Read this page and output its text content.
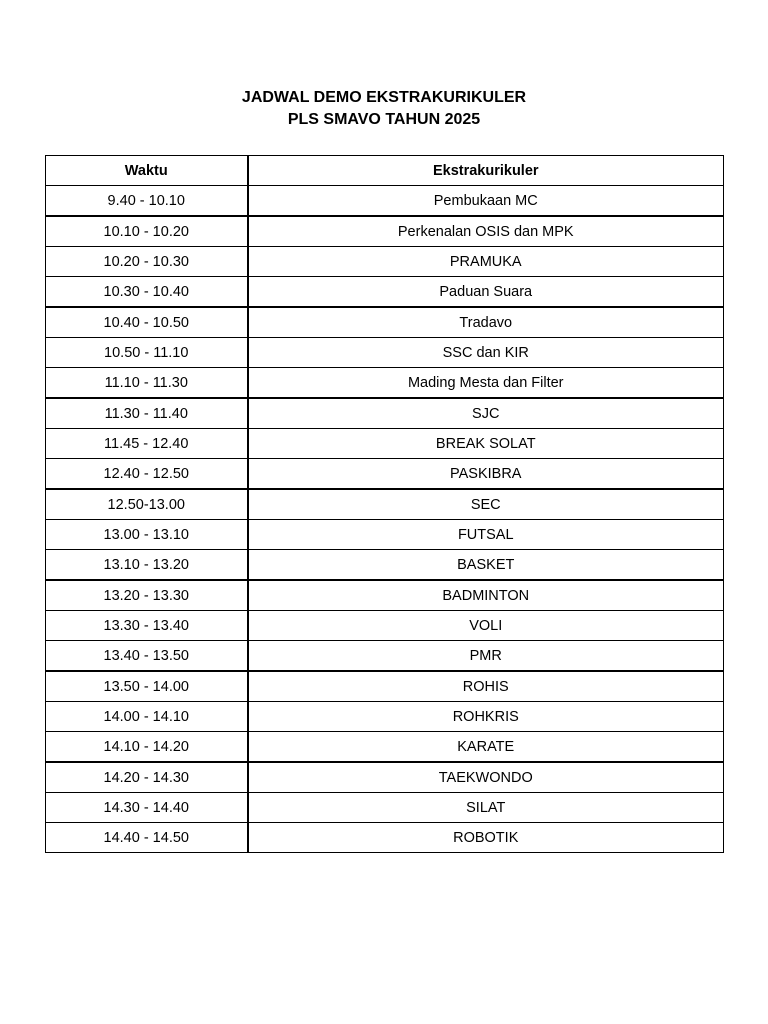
JADWAL DEMO EKSTRAKURIKULER
PLS SMAVO TAHUN 2025
Waktu	Ekstrakurikuler
9.40 - 10.10	Pembukaan MC
10.10 - 10.20	Perkenalan OSIS dan MPK
10.20 - 10.30	PRAMUKA
10.30 - 10.40	Paduan Suara
10.40 - 10.50	Tradavo
10.50 - 11.10	SSC dan KIR
11.10 - 11.30	Mading Mesta dan Filter
11.30 - 11.40	SJC
11.45 - 12.40	BREAK SOLAT
12.40 - 12.50	PASKIBRA
12.50-13.00	SEC
13.00 - 13.10	FUTSAL
13.10 - 13.20	BASKET
13.20 - 13.30	BADMINTON
13.30 - 13.40	VOLI
13.40 - 13.50	PMR
13.50 - 14.00	ROHIS
14.00 - 14.10	ROHKRIS
14.10 - 14.20	KARATE
14.20 - 14.30	TAEKWONDO
14.30 - 14.40	SILAT
14.40 - 14.50	ROBOTIK
